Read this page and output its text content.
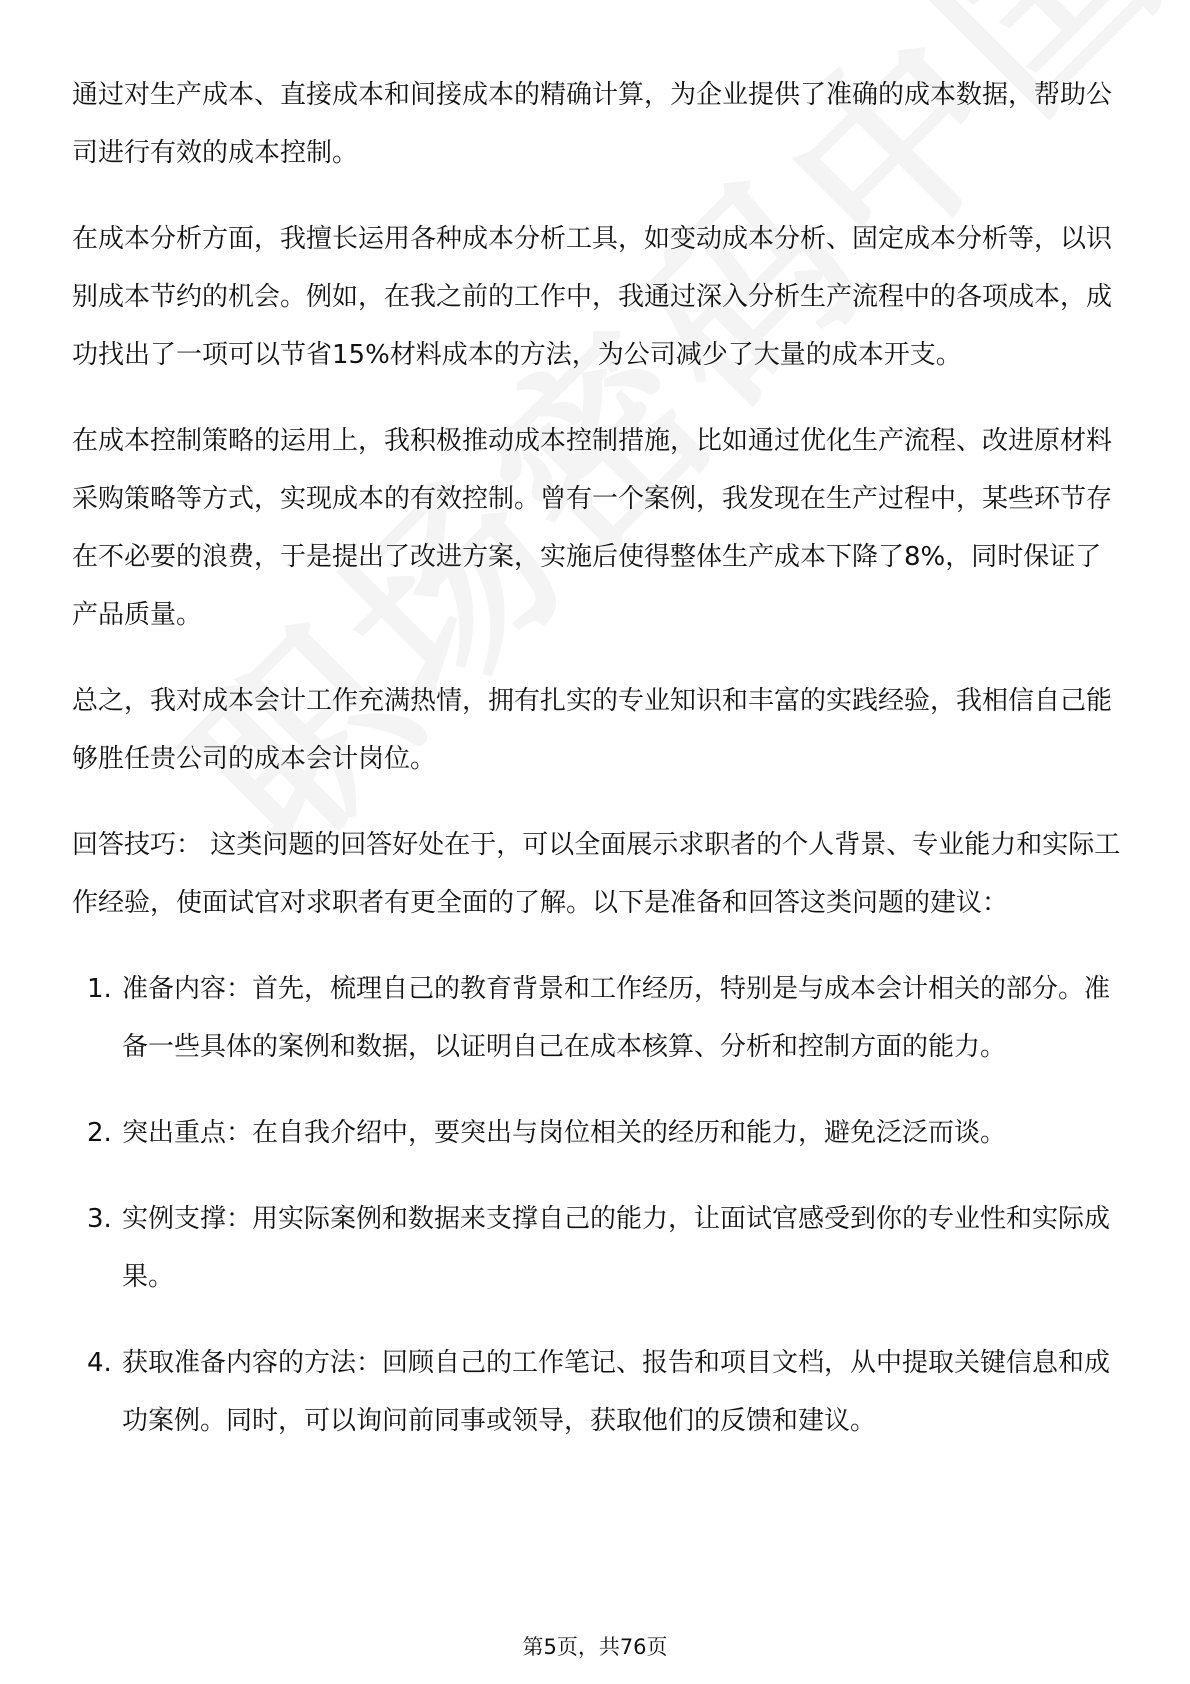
通过对生产成本、直接成本和间接成本的精确计算，为企业提供了准确的成本数据，帮助公司进行有效的成本控制。

在成本分析方面，我擅长运用各种成本分析工具，如变动成本分析、固定成本分析等，以识别成本节约的机会。例如，在我之前的工作中，我通过深入分析生产流程中的各项成本，成功找出了一项可以节省15%材料成本的方法，为公司减少了大量的成本开支。

在成本控制策略的运用上，我积极推动成本控制措施，比如通过优化生产流程、改进原材料采购策略等方式，实现成本的有效控制。曾有一个案例，我发现在生产过程中，某些环节存在不必要的浪费，于是提出了改进方案，实施后使得整体生产成本下降了8%，同时保证了产品质量。

总之，我对成本会计工作充满热情，拥有扎实的专业知识和丰富的实践经验，我相信自己能够胜任贵公司的成本会计岗位。

回答技巧： 这类问题的回答好处在于，可以全面展示求职者的个人背景、专业能力和实际工作经验，使面试官对求职者有更全面的了解。以下是准备和回答这类问题的建议：

1. 准备内容：首先，梳理自己的教育背景和工作经历，特别是与成本会计相关的部分。准备一些具体的案例和数据，以证明自己在成本核算、分析和控制方面的能力。
2. 突出重点：在自我介绍中，要突出与岗位相关的经历和能力，避免泛泛而谈。
3. 实例支撑：用实际案例和数据来支撑自己的能力，让面试官感受到你的专业性和实际成果。
4. 获取准备内容的方法：回顾自己的工作笔记、报告和项目文档，从中提取关键信息和成功案例。同时，可以询问前同事或领导，获取他们的反馈和建议。
第5页，共76页
